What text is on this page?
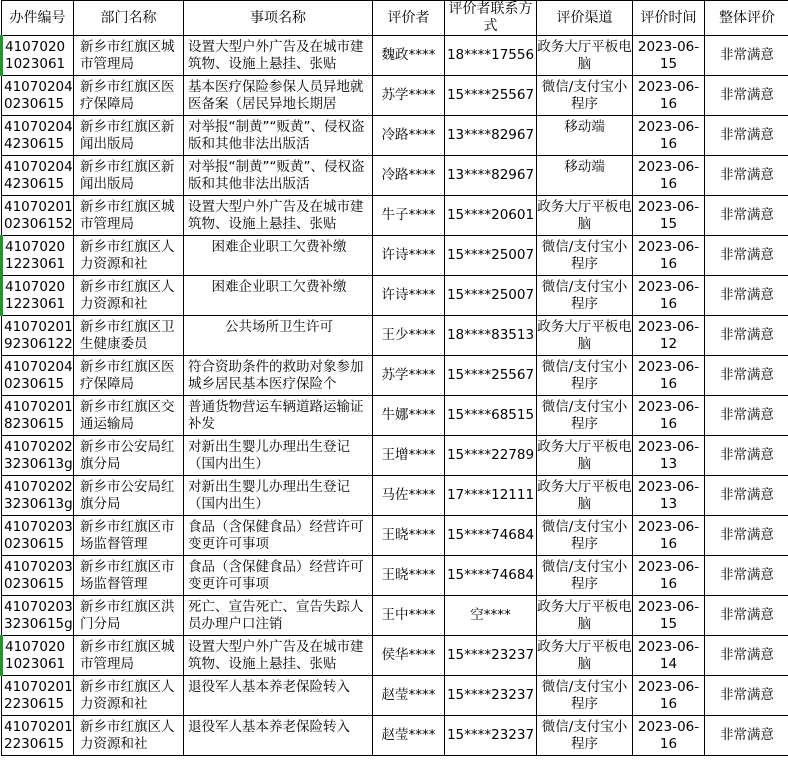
办件编号	部门名称	事项名称	评价者	评价者联系方式	评价渠道	评价时间	整体评价

41070201023061	新乡市红旗区城市管理局	设置大型户外广告及在城市建筑物、设施上悬挂、张贴	魏政****	18****17556	政务大厅平板电脑	2023-06-15	非常满意

410702040230615	新乡市红旗区医疗保障局	基本医疗保险参保人员异地就医备案（居民异地长期居	苏学****	15****25567	微信/支付宝小程序	2023-06-16	非常满意

410702044230615	新乡市红旗区新闻出版局	对举报“制黄”“贩黄”、侵权盗版和其他非法出版活	冷路****	13****82967	移动端	2023-06-16	非常满意

410702044230615	新乡市红旗区新闻出版局	对举报“制黄”“贩黄”、侵权盗版和其他非法出版活	冷路****	13****82967	移动端	2023-06-16	非常满意

4107020102306152	新乡市红旗区城市管理局	设置大型户外广告及在城市建筑物、设施上悬挂、张贴	牛子****	15****20601	政务大厅平板电脑	2023-06-15	非常满意

41070201223061	新乡市红旗区人力资源和社	困难企业职工欠费补缴	许诗****	15****25007	微信/支付宝小程序	2023-06-16	非常满意

41070201223061	新乡市红旗区人力资源和社	困难企业职工欠费补缴	许诗****	15****25007	微信/支付宝小程序	2023-06-16	非常满意

4107020192306122	新乡市红旗区卫生健康委员	公共场所卫生许可	王少****	18****83513	政务大厅平板电脑	2023-06-12	非常满意

410702040230615	新乡市红旗区医疗保障局	符合资助条件的救助对象参加城乡居民基本医疗保险个	苏学****	15****25567	微信/支付宝小程序	2023-06-16	非常满意

410702018230615	新乡市红旗区交通运输局	普通货物营运车辆道路运输证补发	牛娜****	15****68515	微信/支付宝小程序	2023-06-16	非常满意

410702023230613g	新乡市公安局红旗分局	对新出生婴儿办理出生登记（国内出生）	王增****	15****22789	政务大厅平板电脑	2023-06-13	非常满意

410702023230613g	新乡市公安局红旗分局	对新出生婴儿办理出生登记（国内出生）	马佐****	17****12111	政务大厅平板电脑	2023-06-13	非常满意

410702030230615	新乡市红旗区市场监督管理	食品（含保健食品）经营许可变更许可事项	王晓****	15****74684	微信/支付宝小程序	2023-06-16	非常满意

410702030230615	新乡市红旗区市场监督管理	食品（含保健食品）经营许可变更许可事项	王晓****	15****74684	微信/支付宝小程序	2023-06-16	非常满意

410702033230615g	新乡市红旗区洪门分局	死亡、宣告死亡、宣告失踪人员办理户口注销	王中****	空****	政务大厅平板电脑	2023-06-15	非常满意

41070201023061	新乡市红旗区城市管理局	设置大型户外广告及在城市建筑物、设施上悬挂、张贴	侯华****	15****23237	政务大厅平板电脑	2023-06-14	非常满意

410702012230615	新乡市红旗区人力资源和社	退役军人基本养老保险转入	赵莹****	15****23237	微信/支付宝小程序	2023-06-16	非常满意

410702012230615	新乡市红旗区人力资源和社	退役军人基本养老保险转入	赵莹****	15****23237	微信/支付宝小程序	2023-06-16	非常满意
